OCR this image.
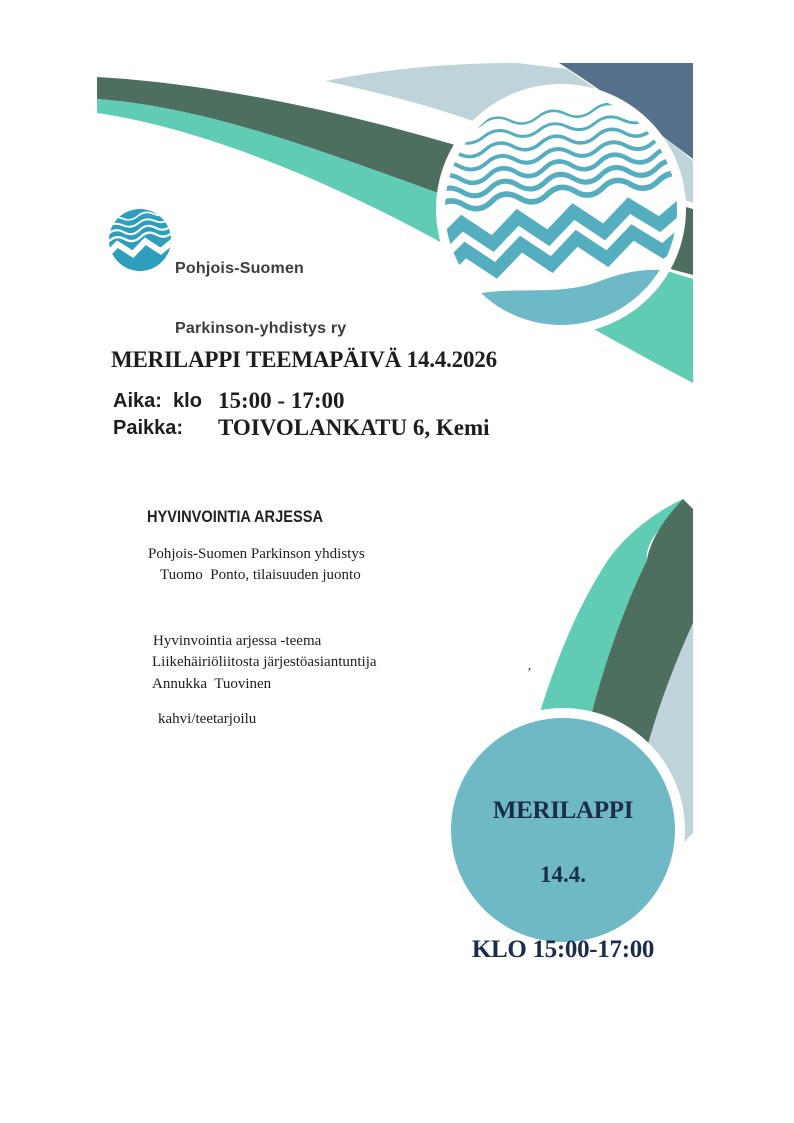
Pohjois-Suomen

Parkinson-yhdistys ry

MERILAPPI TEEMAPÄIVÄ 14.4.2026
Aika:  klo 15:00 - 17:00
Paikka: TOIVOLANKATU 6, Kemi
HYVINVOINTIA ARJESSA
Pohjois-Suomen Parkinson yhdistys
Tuomo  Ponto, tilaisuuden juonto
Hyvinvointia arjessa -teema
Liikehäiriöliitosta järjestöasiantuntija
Annukka  Tuovinen
kahvi/teetarjoilu
’

MERILAPPI

14.4.

KLO 15:00-17:00
